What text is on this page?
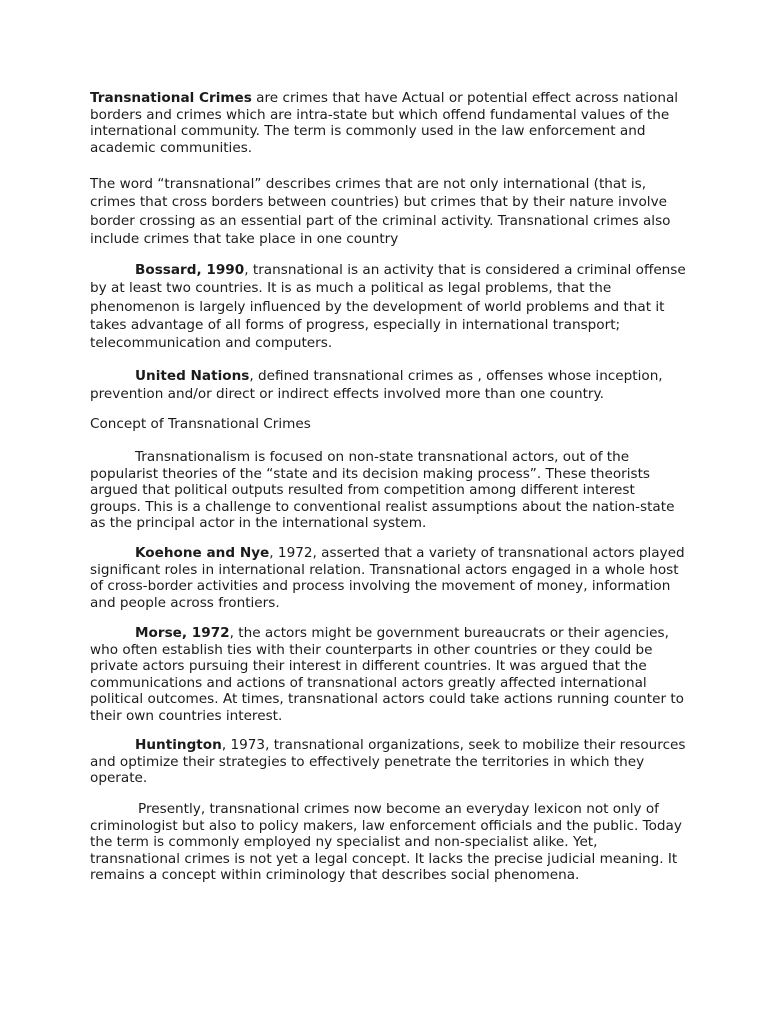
Transnational Crimes are crimes that have Actual or potential effect across national borders and crimes which are intra-state but which offend fundamental values of the international community. The term is commonly used in the law enforcement and academic communities.

The word “transnational” describes crimes that are not only international (that is, crimes that cross borders between countries) but crimes that by their nature involve border crossing as an essential part of the criminal activity. Transnational crimes also include crimes that take place in one country

Bossard, 1990, transnational is an activity that is considered a criminal offense by at least two countries. It is as much a political as legal problems, that the phenomenon is largely influenced by the development of world problems and that it takes advantage of all forms of progress, especially in international transport; telecommunication and computers.

United Nations, defined transnational crimes as , offenses whose inception, prevention and/or direct or indirect effects involved more than one country.

Concept of Transnational Crimes

Transnationalism is focused on non-state transnational actors, out of the popularist theories of the “state and its decision making process”. These theorists argued that political outputs resulted from competition among different interest groups. This is a challenge to conventional realist assumptions about the nation-state as the principal actor in the international system.

Koehone and Nye, 1972, asserted that a variety of transnational actors played significant roles in international relation. Transnational actors engaged in a whole host of cross-border activities and process involving the movement of money, information and people across frontiers.

Morse, 1972, the actors might be government bureaucrats or their agencies, who often establish ties with their counterparts in other countries or they could be private actors pursuing their interest in different countries. It was argued that the communications and actions of transnational actors greatly affected international political outcomes. At times, transnational actors could take actions running counter to their own countries interest.

Huntington, 1973, transnational organizations, seek to mobilize their resources and optimize their strategies to effectively penetrate the territories in which they operate.

Presently, transnational crimes now become an everyday lexicon not only of criminologist but also to policy makers, law enforcement officials and the public. Today the term is commonly employed ny specialist and non-specialist alike. Yet, transnational crimes is not yet a legal concept. It lacks the precise judicial meaning. It remains a concept within criminology that describes social phenomena.
